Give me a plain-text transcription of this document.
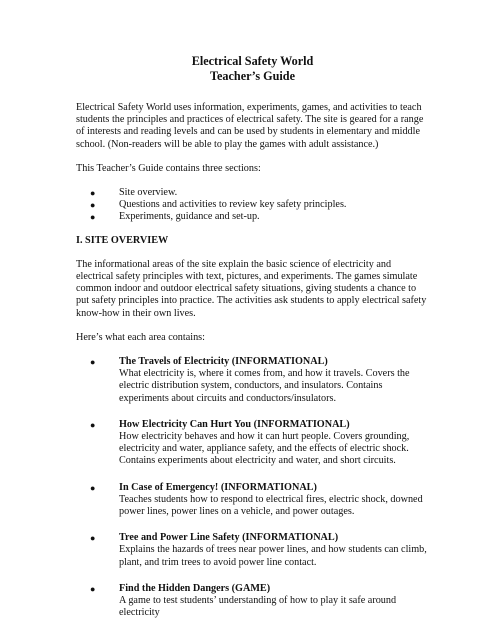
Electrical Safety World
Teacher’s Guide

Electrical Safety World uses information, experiments, games, and activities to teach students the principles and practices of electrical safety. The site is geared for a range of interests and reading levels and can be used by students in elementary and middle school. (Non-readers will be able to play the games with adult assistance.)

This Teacher’s Guide contains three sections:

● Site overview.
● Questions and activities to review key safety principles.
● Experiments, guidance and set-up.
I. SITE OVERVIEW

The informational areas of the site explain the basic science of electricity and electrical safety principles with text, pictures, and experiments. The games simulate common indoor and outdoor electrical safety situations, giving students a chance to put safety principles into practice. The activities ask students to apply electrical safety know-how in their own lives.

Here’s what each area contains:

● The Travels of Electricity (INFORMATIONAL)
What electricity is, where it comes from, and how it travels. Covers the electric distribution system, conductors, and insulators. Contains experiments about circuits and conductors/insulators.
● How Electricity Can Hurt You (INFORMATIONAL)
How electricity behaves and how it can hurt people. Covers grounding, electricity and water, appliance safety, and the effects of electric shock. Contains experiments about electricity and water, and short circuits.
● In Case of Emergency! (INFORMATIONAL)
Teaches students how to respond to electrical fires, electric shock, downed power lines, power lines on a vehicle, and power outages.
● Tree and Power Line Safety (INFORMATIONAL)
Explains the hazards of trees near power lines, and how students can climb, plant, and trim trees to avoid power line contact.
● Find the Hidden Dangers (GAME)
A game to test students’ understanding of how to play it safe around electricity
